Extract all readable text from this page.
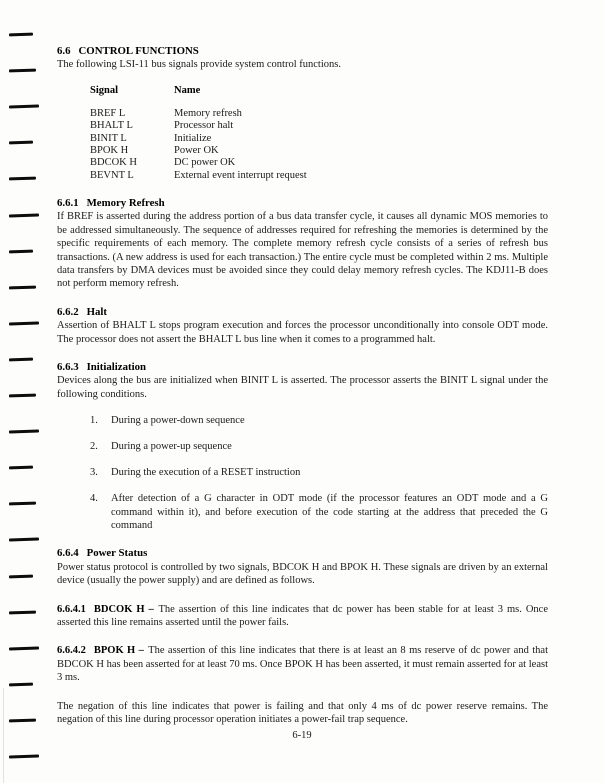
6.6 CONTROL FUNCTIONS

The following LSI-11 bus signals provide system control functions.

Signal	Name
BREF L	Memory refresh
BHALT L	Processor halt
BINIT L	Initialize
BPOK H	Power OK
BDCOK H	DC power OK
BEVNT L	External event interrupt request
6.6.1 Memory Refresh

If BREF is asserted during the address portion of a bus data transfer cycle, it causes all dynamic MOS memories to be addressed simultaneously. The sequence of addresses required for refreshing the memories is determined by the specific requirements of each memory. The complete memory refresh cycle consists of a series of refresh bus transactions. (A new address is used for each transaction.) The entire cycle must be completed within 2 ms. Multiple data transfers by DMA devices must be avoided since they could delay memory refresh cycles. The KDJ11-B does not perform memory refresh.

6.6.2 Halt

Assertion of BHALT L stops program execution and forces the processor unconditionally into console ODT mode. The processor does not assert the BHALT L bus line when it comes to a programmed halt.

6.6.3 Initialization

Devices along the bus are initialized when BINIT L is asserted. The processor asserts the BINIT L signal under the following conditions.

1.	During a power-down sequence
2.	During a power-up sequence
3.	During the execution of a RESET instruction
4.	After detection of a G character in ODT mode (if the processor features an ODT mode and a G command within it), and before execution of the code starting at the address that preceded the G command
6.6.4 Power Status

Power status protocol is controlled by two signals, BDCOK H and BPOK H. These signals are driven by an external device (usually the power supply) and are defined as follows.

6.6.4.1 BDCOK H – The assertion of this line indicates that dc power has been stable for at least 3 ms. Once asserted this line remains asserted until the power fails.

6.6.4.2 BPOK H – The assertion of this line indicates that there is at least an 8 ms reserve of dc power and that BDCOK H has been asserted for at least 70 ms. Once BPOK H has been asserted, it must remain asserted for at least 3 ms.

The negation of this line indicates that power is failing and that only 4 ms of dc power reserve remains. The negation of this line during processor operation initiates a power-fail trap sequence.

6-19
